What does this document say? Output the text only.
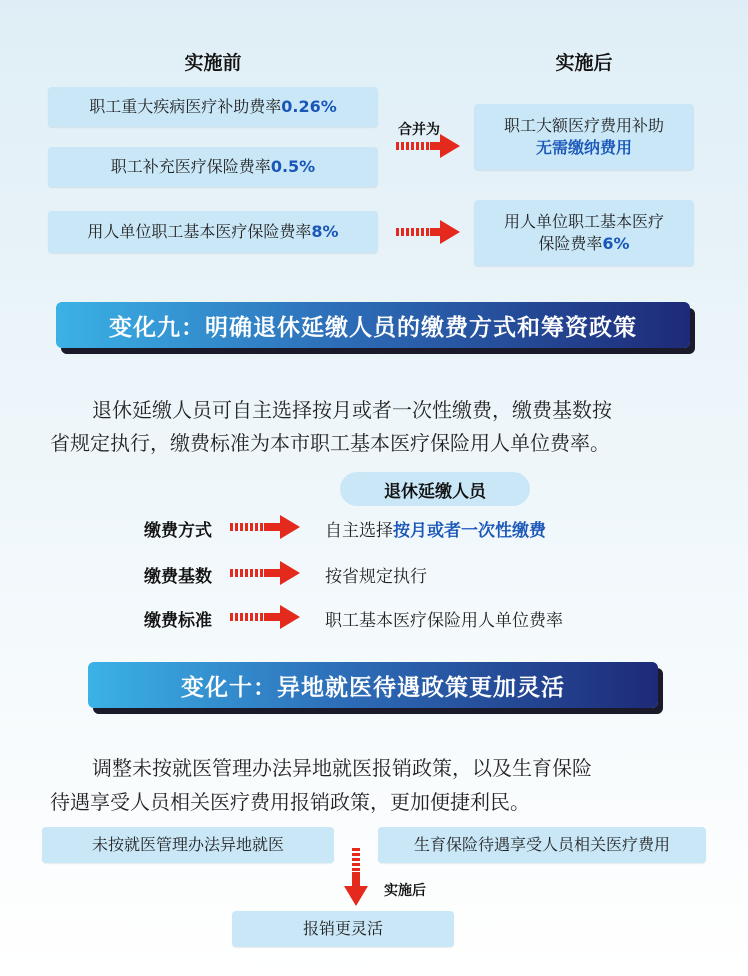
实施前	实施后
职工重大疾病医疗补助费率 0.26%
职工补充医疗保险费率 0.5%
用人单位职工基本医疗保险费率 8%
合并为	职工大额医疗费用补助
无需缴纳费用
用人单位职工基本医疗
保险费率6%
变化九：明确退休延缴人员的缴费方式和筹资政策
退休延缴人员可自主选择按月或者一次性缴费，缴费基数按
省规定执行，缴费标准为本市职工基本医疗保险用人单位费率。
退休延缴人员
缴费方式	自主选择按月或者一次性缴费
缴费基数	按省规定执行
缴费标准	职工基本医疗保险用人单位费率
变化十：异地就医待遇政策更加灵活
调整未按就医管理办法异地就医报销政策，以及生育保险
待遇享受人员相关医疗费用报销政策，更加便捷利民。
未按就医管理办法异地就医	生育保险待遇享受人员相关医疗费用
实施后
报销更灵活
